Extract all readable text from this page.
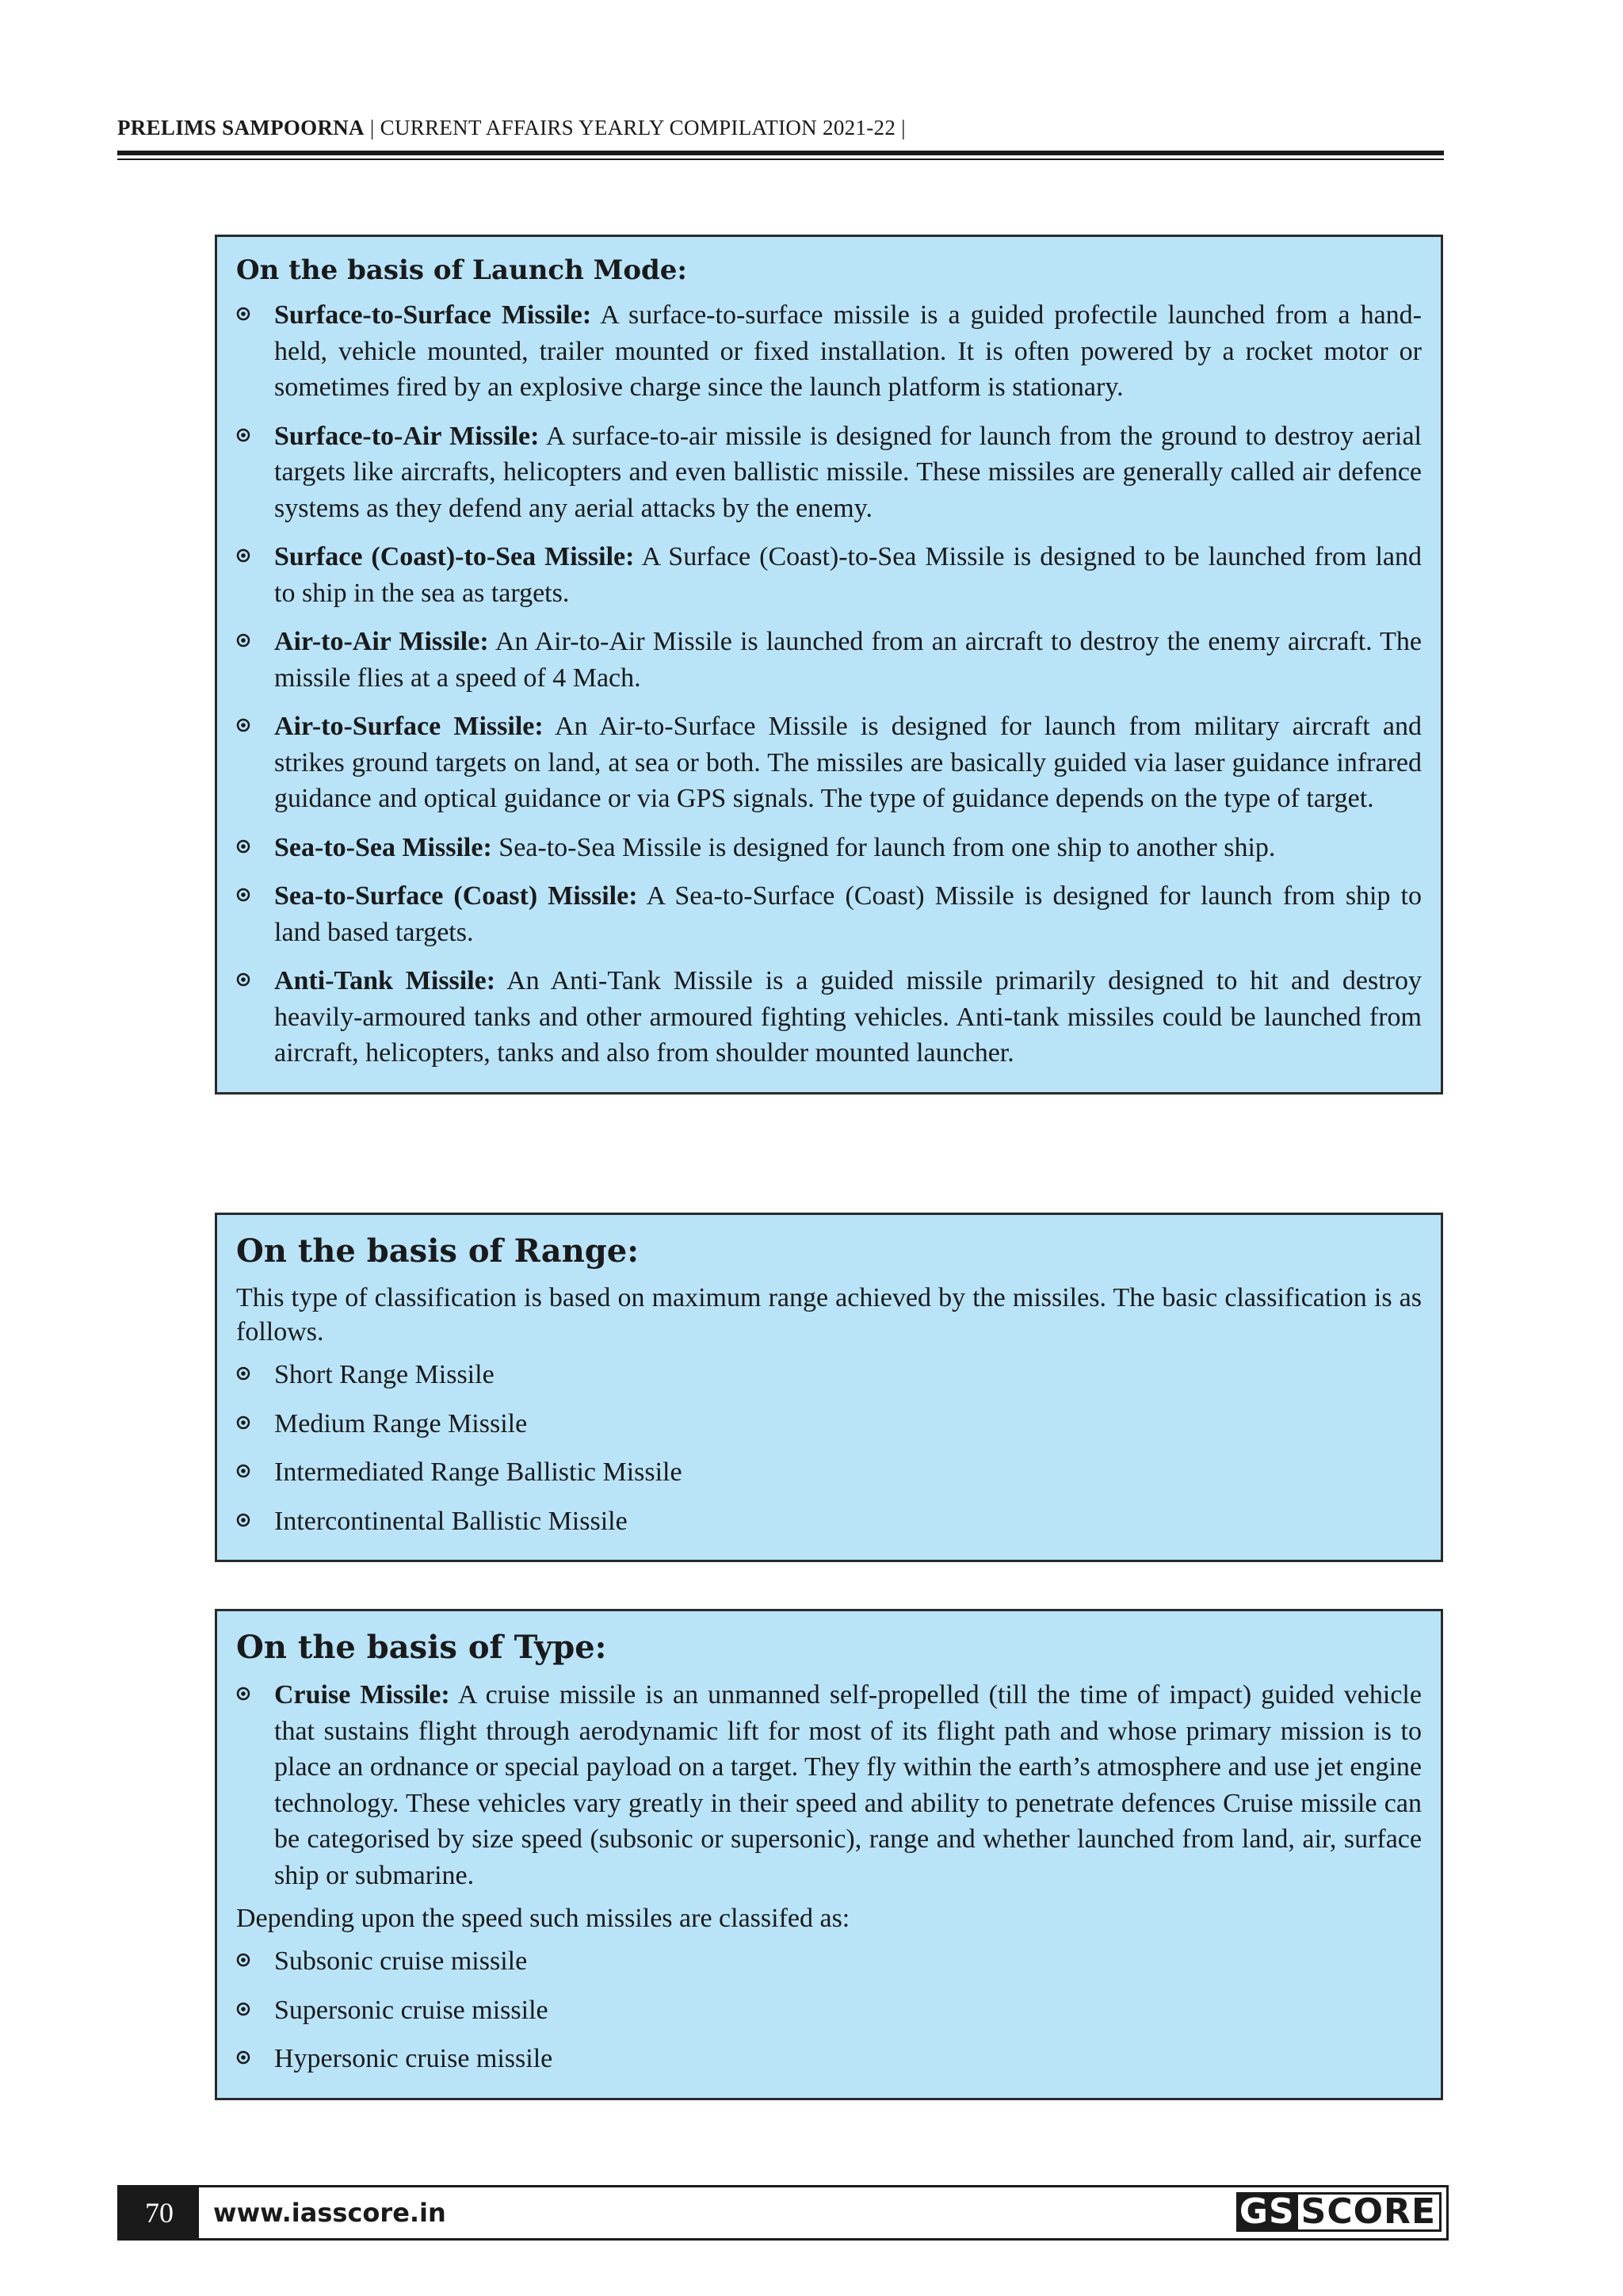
PRELIMS SAMPOORNA | CURRENT AFFAIRS YEARLY COMPILATION 2021-22 |
On the basis of Launch Mode:
Surface-to-Surface Missile: A surface-to-surface missile is a guided profectile launched from a hand-held, vehicle mounted, trailer mounted or fixed installation. It is often powered by a rocket motor or sometimes fired by an explosive charge since the launch platform is stationary.
Surface-to-Air Missile: A surface-to-air missile is designed for launch from the ground to destroy aerial targets like aircrafts, helicopters and even ballistic missile. These missiles are generally called air defence systems as they defend any aerial attacks by the enemy.
Surface (Coast)-to-Sea Missile: A Surface (Coast)-to-Sea Missile is designed to be launched from land to ship in the sea as targets.
Air-to-Air Missile: An Air-to-Air Missile is launched from an aircraft to destroy the enemy aircraft. The missile flies at a speed of 4 Mach.
Air-to-Surface Missile: An Air-to-Surface Missile is designed for launch from military aircraft and strikes ground targets on land, at sea or both. The missiles are basically guided via laser guidance infrared guidance and optical guidance or via GPS signals. The type of guidance depends on the type of target.
Sea-to-Sea Missile: Sea-to-Sea Missile is designed for launch from one ship to another ship.
Sea-to-Surface (Coast) Missile: A Sea-to-Surface (Coast) Missile is designed for launch from ship to land based targets.
Anti-Tank Missile: An Anti-Tank Missile is a guided missile primarily designed to hit and destroy heavily-armoured tanks and other armoured fighting vehicles. Anti-tank missiles could be launched from aircraft, helicopters, tanks and also from shoulder mounted launcher.
On the basis of Range:

This type of classification is based on maximum range achieved by the missiles. The basic classification is as follows.

Short Range Missile
Medium Range Missile
Intermediated Range Ballistic Missile
Intercontinental Ballistic Missile
On the basis of Type:
Cruise Missile: A cruise missile is an unmanned self-propelled (till the time of impact) guided vehicle that sustains flight through aerodynamic lift for most of its flight path and whose primary mission is to place an ordnance or special payload on a target. They fly within the earth’s atmosphere and use jet engine technology. These vehicles vary greatly in their speed and ability to penetrate defences Cruise missile can be categorised by size speed (subsonic or supersonic), range and whether launched from land, air, surface ship or submarine.

Depending upon the speed such missiles are classifed as:

Subsonic cruise missile
Supersonic cruise missile
Hypersonic cruise missile
70	www.iasscore.in	GS SCORE
